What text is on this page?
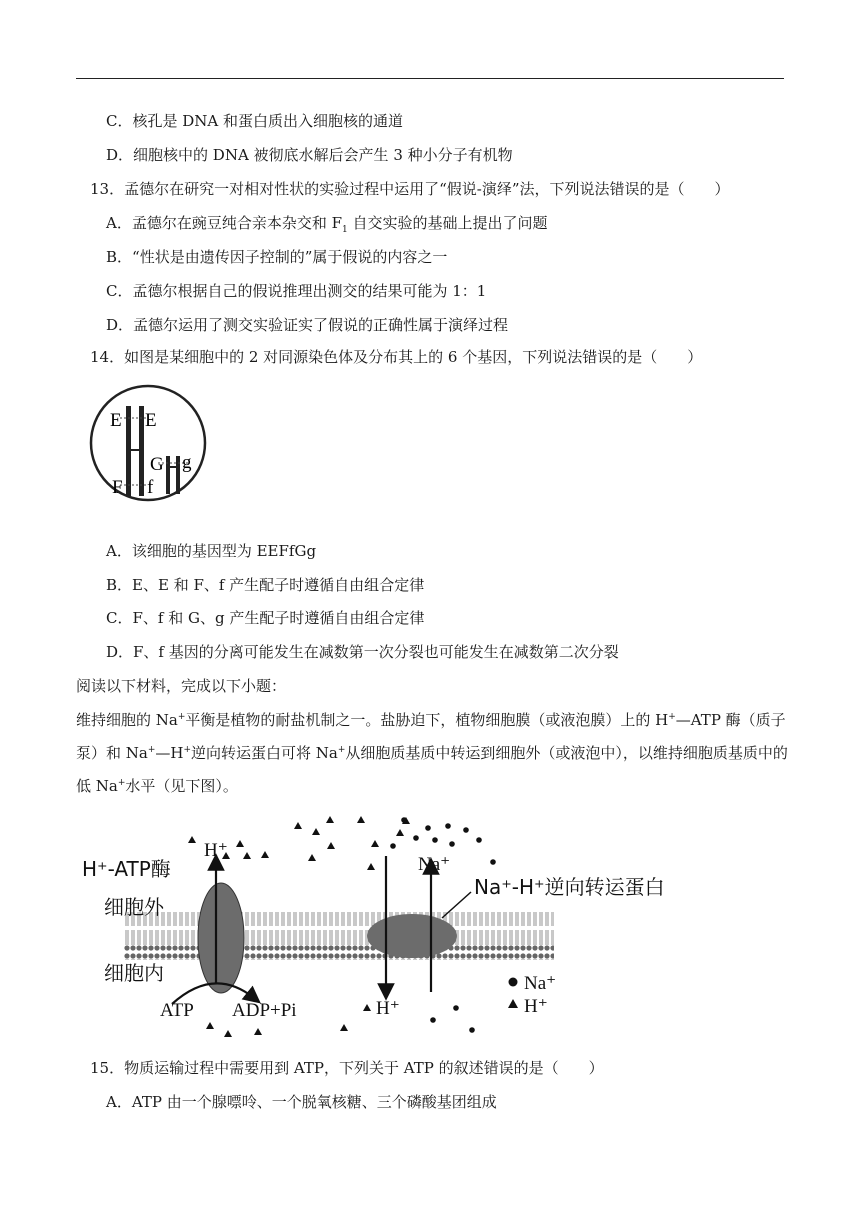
C．核孔是 DNA 和蛋白质出入细胞核的通道
D．细胞核中的 DNA 被彻底水解后会产生 3 种小分子有机物
13．孟德尔在研究一对相对性状的实验过程中运用了“假说-演绎”法，下列说法错误的是（　　）
A．孟德尔在豌豆纯合亲本杂交和 $F_1$ 自交实验的基础上提出了问题
B．“性状是由遗传因子控制的”属于假说的内容之一
C．孟德尔根据自己的假说推理出测交的结果可能为 1：1
D．孟德尔运用了测交实验证实了假说的正确性属于演绎过程
14．如图是某细胞中的 2 对同源染色体及分布其上的 6 个基因，下列说法错误的是（　　）
E E
F f
G g
A．该细胞的基因型为 EEFfGg
B．E、E 和 F、f 产生配子时遵循自由组合定律
C．F、f 和 G、g 产生配子时遵循自由组合定律
D．F、f 基因的分离可能发生在减数第一次分裂也可能发生在减数第二次分裂
阅读以下材料，完成以下小题：
维持细胞的 Na+平衡是植物的耐盐机制之一。盐胁迫下，植物细胞膜（或液泡膜）上的 H+—ATP 酶（质子
泵）和 Na+—H+逆向转运蛋白可将 Na+从细胞质基质中转运到细胞外（或液泡中），以维持细胞质基质中的
低 Na+水平（见下图）。
H⁺-ATP酶
细胞外
细胞内
H⁺
ATP ADP+Pi
Na⁺
H⁺
Na⁺-H⁺逆向转运蛋白
Na⁺
H⁺
15．物质运输过程中需要用到 ATP，下列关于 ATP 的叙述错误的是（　　）
A．ATP 由一个腺嘌呤、一个脱氧核糖、三个磷酸基团组成
